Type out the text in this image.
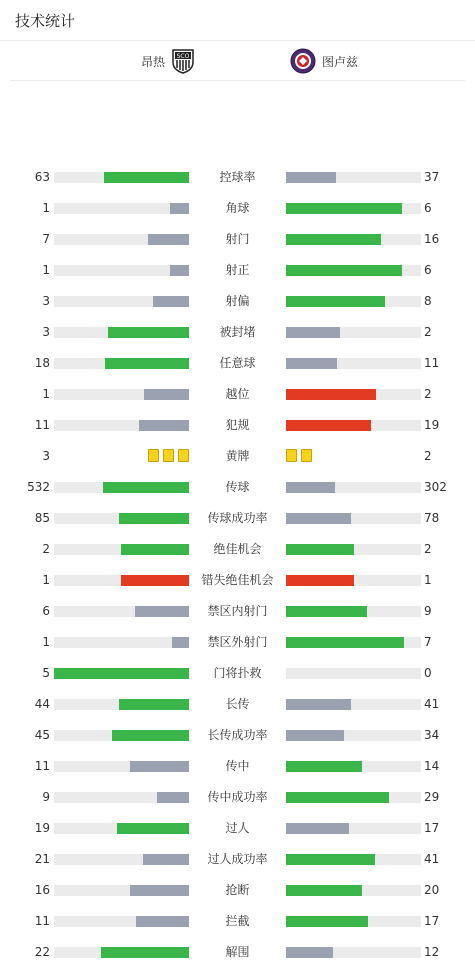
技术统计
昂热 SCO	图卢兹
63	控球率	37
1	角球	6
7	射门	16
1	射正	6
3	射偏	8
3	被封堵	2
18	任意球	11
1	越位	2
11	犯规	19
3	黄牌	2
532	传球	302
85	传球成功率	78
2	绝佳机会	2
1	错失绝佳机会	1
6	禁区内射门	9
1	禁区外射门	7
5	门将扑救	0
44	长传	41
45	长传成功率	34
11	传中	14
9	传中成功率	29
19	过人	17
21	过人成功率	41
16	抢断	20
11	拦截	17
22	解围	12
